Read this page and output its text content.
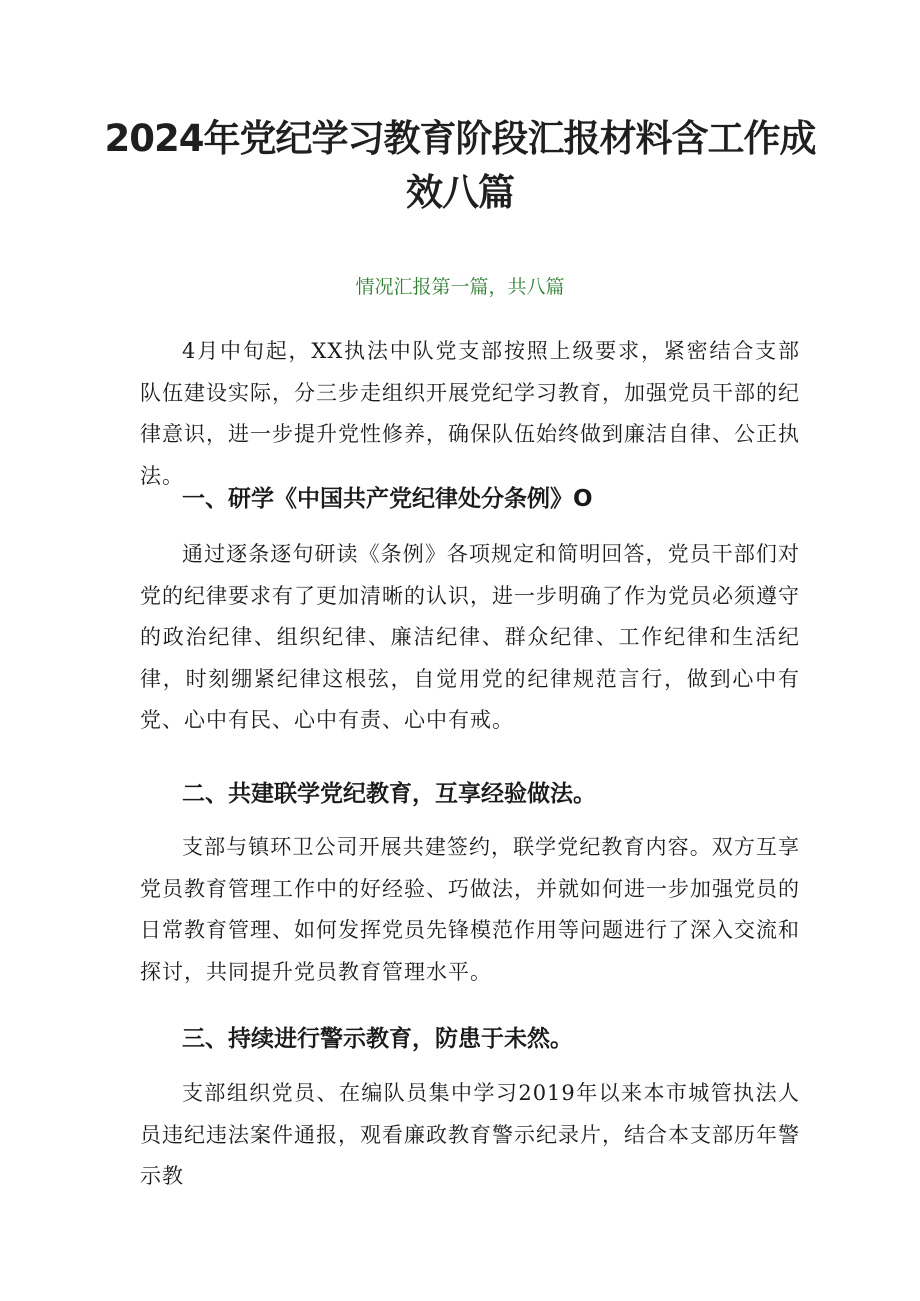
2024年党纪学习教育阶段汇报材料含工作成效八篇

情况汇报第一篇，共八篇

4月中旬起，XX执法中队党支部按照上级要求，紧密结合支部队伍建设实际，分三步走组织开展党纪学习教育，加强党员干部的纪律意识，进一步提升党性修养，确保队伍始终做到廉洁自律、公正执法。

一、研学《中国共产党纪律处分条例》O

通过逐条逐句研读《条例》各项规定和简明回答，党员干部们对党的纪律要求有了更加清晰的认识，进一步明确了作为党员必须遵守的政治纪律、组织纪律、廉洁纪律、群众纪律、工作纪律和生活纪律，时刻绷紧纪律这根弦，自觉用党的纪律规范言行，做到心中有党、心中有民、心中有责、心中有戒。

二、共建联学党纪教育，互享经验做法。

支部与镇环卫公司开展共建签约，联学党纪教育内容。双方互享党员教育管理工作中的好经验、巧做法，并就如何进一步加强党员的日常教育管理、如何发挥党员先锋模范作用等问题进行了深入交流和探讨，共同提升党员教育管理水平。

三、持续进行警示教育，防患于未然。

支部组织党员、在编队员集中学习2019年以来本市城管执法人员违纪违法案件通报，观看廉政教育警示纪录片，结合本支部历年警示教
